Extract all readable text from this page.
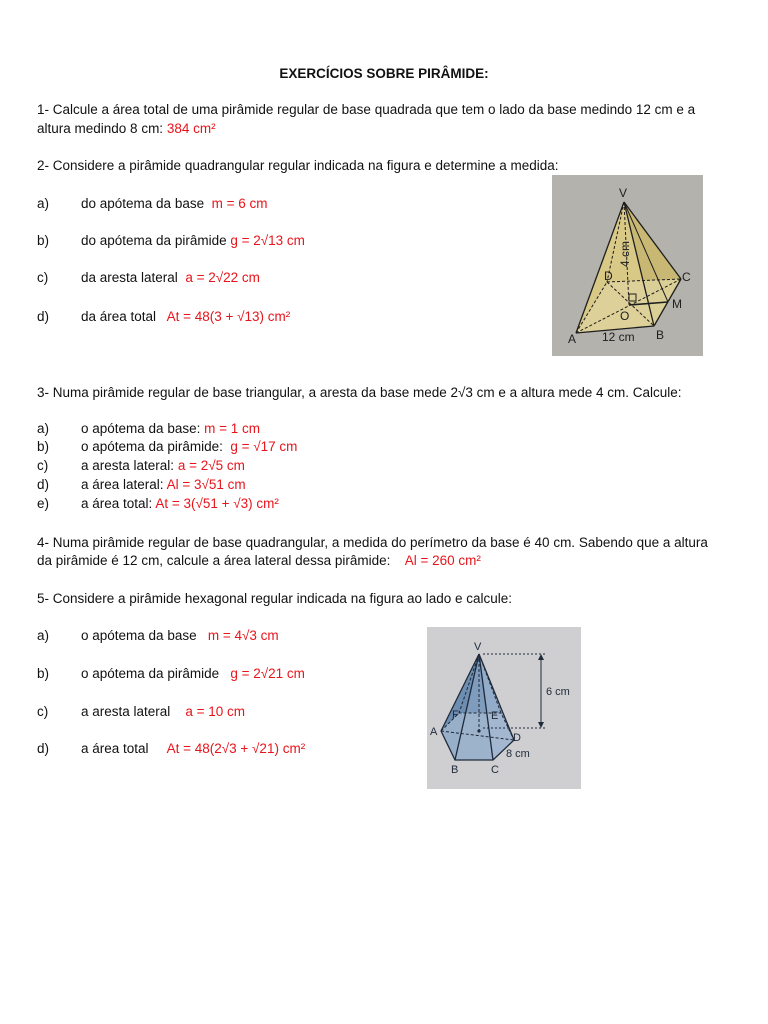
EXERCÍCIOS SOBRE PIRÂMIDE:
1- Calcule a área total de uma pirâmide regular de base quadrada que tem o lado da base medindo 12 cm e a
altura medindo 8 cm: 384 cm²
2- Considere a pirâmide quadrangular regular indicada na figura e determine a medida:
a)	do apótema da base m = 6 cm
b)	do apótema da pirâmide g = 2√13 cm
c)	da aresta lateral a = 2√22 cm
d)	da área total At = 48(3 + √13) cm²
V
D	C
M
O
A	B
12 cm
4 cm
3- Numa pirâmide regular de base triangular, a aresta da base mede 2√3 cm e a altura mede 4 cm. Calcule:
a)	o apótema da base: m = 1 cm
b)	o apótema da pirâmide: g = √17 cm
c)	a aresta lateral: a = 2√5 cm
d)	a área lateral: Al = 3√51 cm
e)	a área total: At = 3(√51 + √3) cm²
4- Numa pirâmide regular de base quadrangular, a medida do perímetro da base é 40 cm. Sabendo que a altura
da pirâmide é 12 cm, calcule a área lateral dessa pirâmide: Al = 260 cm²
5- Considere a pirâmide hexagonal regular indicada na figura ao lado e calcule:
a)	o apótema da base m = 4√3 cm
b)	o apótema da pirâmide g = 2√21 cm
c)	a aresta lateral a = 10 cm
d)	a área total At = 48(2√3 + √21) cm²
V
F	E
A	D
B	C
6 cm
8 cm
